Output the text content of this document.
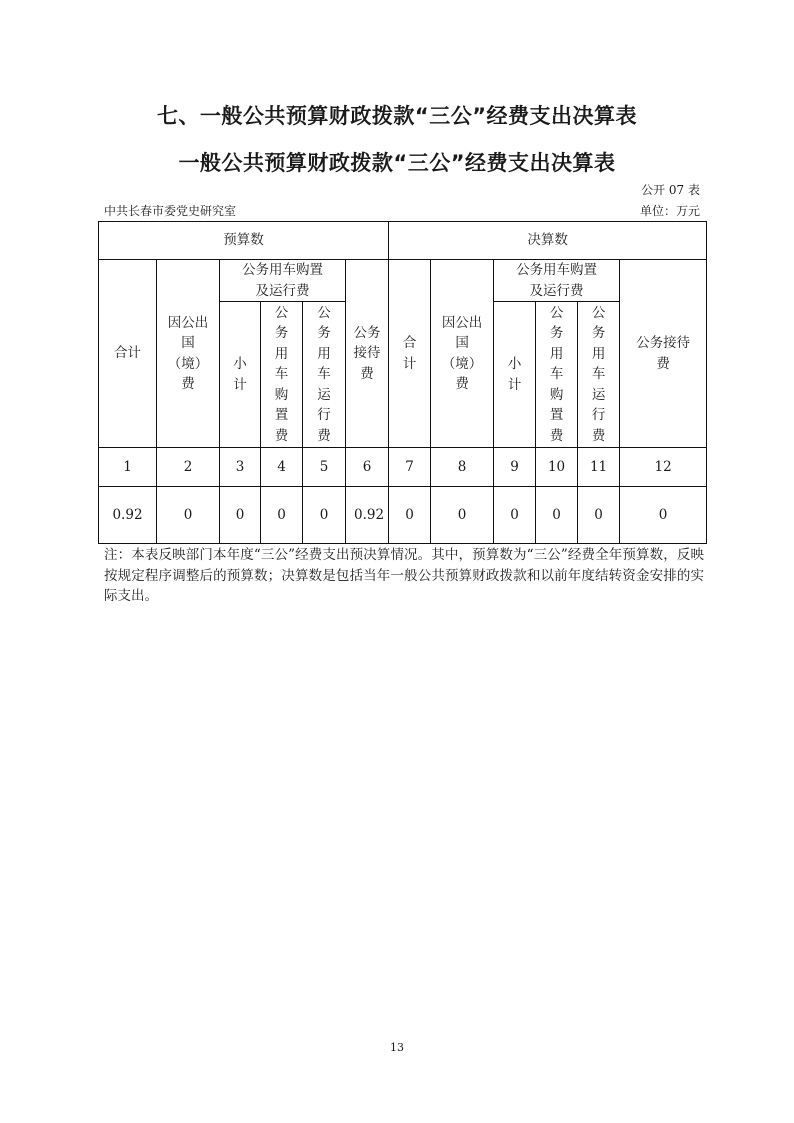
七、一般公共预算财政拨款“三公”经费支出决算表
一般公共预算财政拨款“三公”经费支出决算表
公开 07 表
中共长春市委党史研究室	单位：万元
预算数						决算数					
合计	因公出国（境）费	公务用车购置及运行费			公务接待费	合计	因公出国（境）费	公务用车购置及运行费			公务接待费

		小计	公务用车购置费	公务用车运行费				小计	公务用车购置费	公务用车运行费	
1	2	3	4	5	6	7	8	9	10	11	12
0.92	0	0	0	0	0.92	0	0	0	0	0	0
注：本表反映部门本年度“三公”经费支出预决算情况。其中，预算数为“三公”经费全年预算数，反映按规定程序调整后的预算数；决算数是包括当年一般公共预算财政拨款和以前年度结转资金安排的实际支出。
13
